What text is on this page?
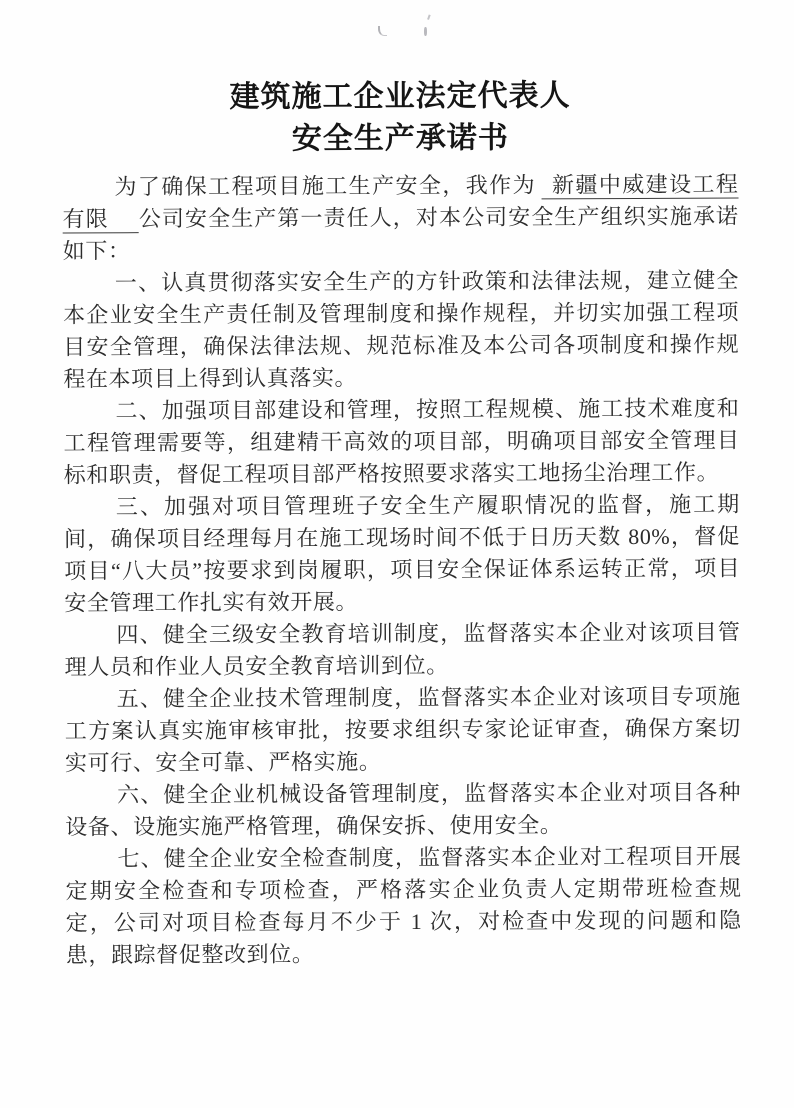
建筑施工企业法定代表人
安全生产承诺书

为了确保工程项目施工生产安全，我作为 新疆中威建设工程有限 公司安全生产第一责任人，对本公司安全生产组织实施承诺如下：

一、认真贯彻落实安全生产的方针政策和法律法规，建立健全本企业安全生产责任制及管理制度和操作规程，并切实加强工程项目安全管理，确保法律法规、规范标准及本公司各项制度和操作规程在本项目上得到认真落实。

二、加强项目部建设和管理，按照工程规模、施工技术难度和工程管理需要等，组建精干高效的项目部，明确项目部安全管理目标和职责，督促工程项目部严格按照要求落实工地扬尘治理工作。

三、加强对项目管理班子安全生产履职情况的监督，施工期间，确保项目经理每月在施工现场时间不低于日历天数 80%，督促项目“八大员”按要求到岗履职，项目安全保证体系运转正常，项目安全管理工作扎实有效开展。

四、健全三级安全教育培训制度，监督落实本企业对该项目管理人员和作业人员安全教育培训到位。

五、健全企业技术管理制度，监督落实本企业对该项目专项施工方案认真实施审核审批，按要求组织专家论证审查，确保方案切实可行、安全可靠、严格实施。

六、健全企业机械设备管理制度，监督落实本企业对项目各种设备、设施实施严格管理，确保安拆、使用安全。

七、健全企业安全检查制度，监督落实本企业对工程项目开展定期安全检查和专项检查，严格落实企业负责人定期带班检查规定，公司对项目检查每月不少于 1 次，对检查中发现的问题和隐患，跟踪督促整改到位。
